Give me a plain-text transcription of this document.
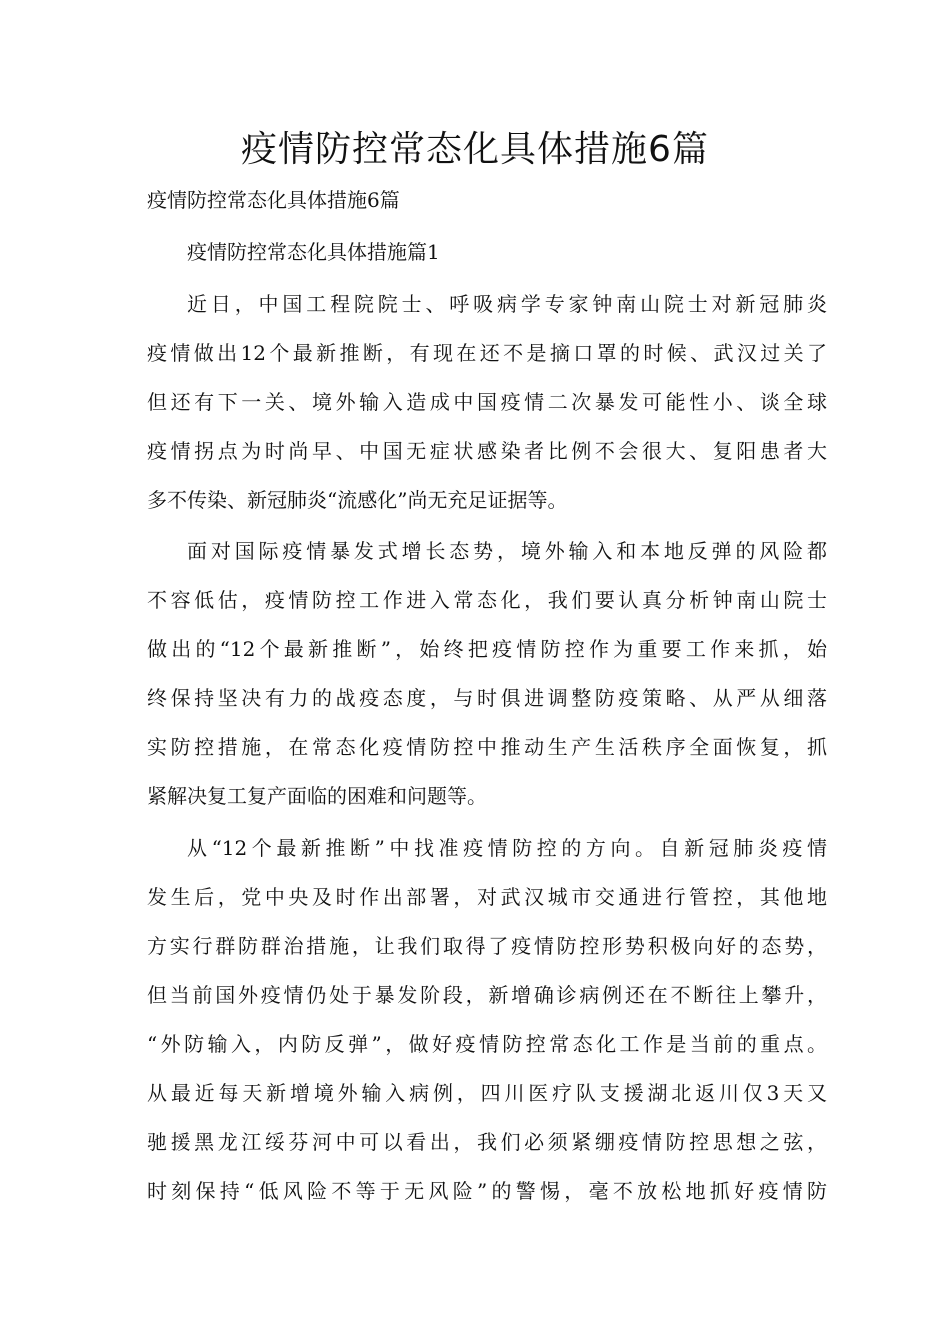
疫情防控常态化具体措施6篇
疫情防控常态化具体措施6篇
疫情防控常态化具体措施篇1
近日，中国工程院院士、呼吸病学专家钟南山院士对新冠肺炎
疫情做出12个最新推断，有现在还不是摘口罩的时候、武汉过关了
但还有下一关、境外输入造成中国疫情二次暴发可能性小、谈全球
疫情拐点为时尚早、中国无症状感染者比例不会很大、复阳患者大
多不传染、新冠肺炎“流感化”尚无充足证据等。
面对国际疫情暴发式增长态势，境外输入和本地反弹的风险都
不容低估，疫情防控工作进入常态化，我们要认真分析钟南山院士
做出的“12个最新推断”，始终把疫情防控作为重要工作来抓，始
终保持坚决有力的战疫态度，与时俱进调整防疫策略、从严从细落
实防控措施，在常态化疫情防控中推动生产生活秩序全面恢复，抓
紧解决复工复产面临的困难和问题等。
从“12个最新推断”中找准疫情防控的方向。自新冠肺炎疫情
发生后，党中央及时作出部署，对武汉城市交通进行管控，其他地
方实行群防群治措施，让我们取得了疫情防控形势积极向好的态势，
但当前国外疫情仍处于暴发阶段，新增确诊病例还在不断往上攀升，
“外防输入，内防反弹”，做好疫情防控常态化工作是当前的重点。
从最近每天新增境外输入病例，四川医疗队支援湖北返川仅3天又
驰援黑龙江绥芬河中可以看出，我们必须紧绷疫情防控思想之弦，
时刻保持“低风险不等于无风险”的警惕，毫不放松地抓好疫情防
